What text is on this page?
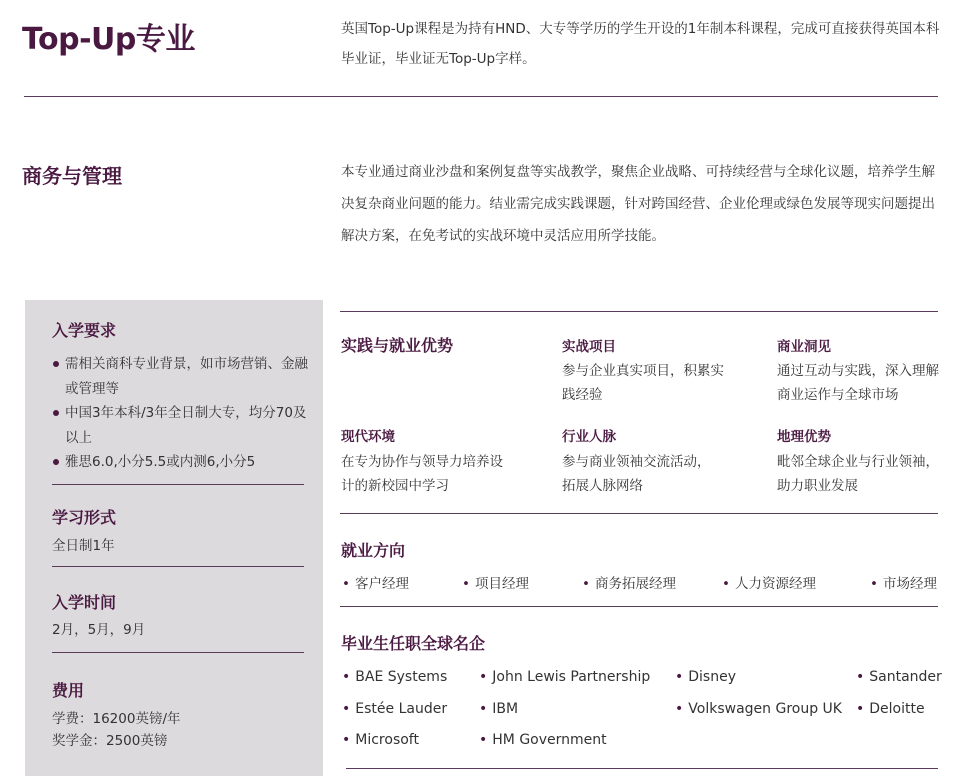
Top-Up专业	英国Top-Up课程是为持有HND、大专等学历的学生开设的1年制本科课程，完成可直接获得英国本科毕业证，毕业证无Top-Up字样。
商务与管理	本专业通过商业沙盘和案例复盘等实战教学，聚焦企业战略、可持续经营与全球化议题，培养学生解决复杂商业问题的能力。结业需完成实践课题，针对跨国经营、企业伦理或绿色发展等现实问题提出解决方案，在免考试的实战环境中灵活应用所学技能。
入学要求
需相关商科专业背景，如市场营销、金融或管理等
中国3年本科/3年全日制大专，均分70及以上
雅思6.0,小分5.5或内测6,小分5
学习形式
全日制1年
入学时间
2月，5月，9月
费用
学费：16200英镑/年
奖学金：2500英镑
实践与就业优势	实战项目
参与企业真实项目，积累实践经验
商业洞见
通过互动与实践，深入理解商业运作与全球市场
现代环境
在专为协作与领导力培养设计的新校园中学习
行业人脉
参与商业领袖交流活动，拓展人脉网络
地理优势
毗邻全球企业与行业领袖，助力职业发展
就业方向
• 客户经理	• 项目经理	• 商务拓展经理	• 人力资源经理	• 市场经理
毕业生任职全球名企
• BAE Systems	• John Lewis Partnership	• Disney	• Santander
• Estée Lauder	• IBM	• Volkswagen Group UK	• Deloitte
• Microsoft	• HM Government
